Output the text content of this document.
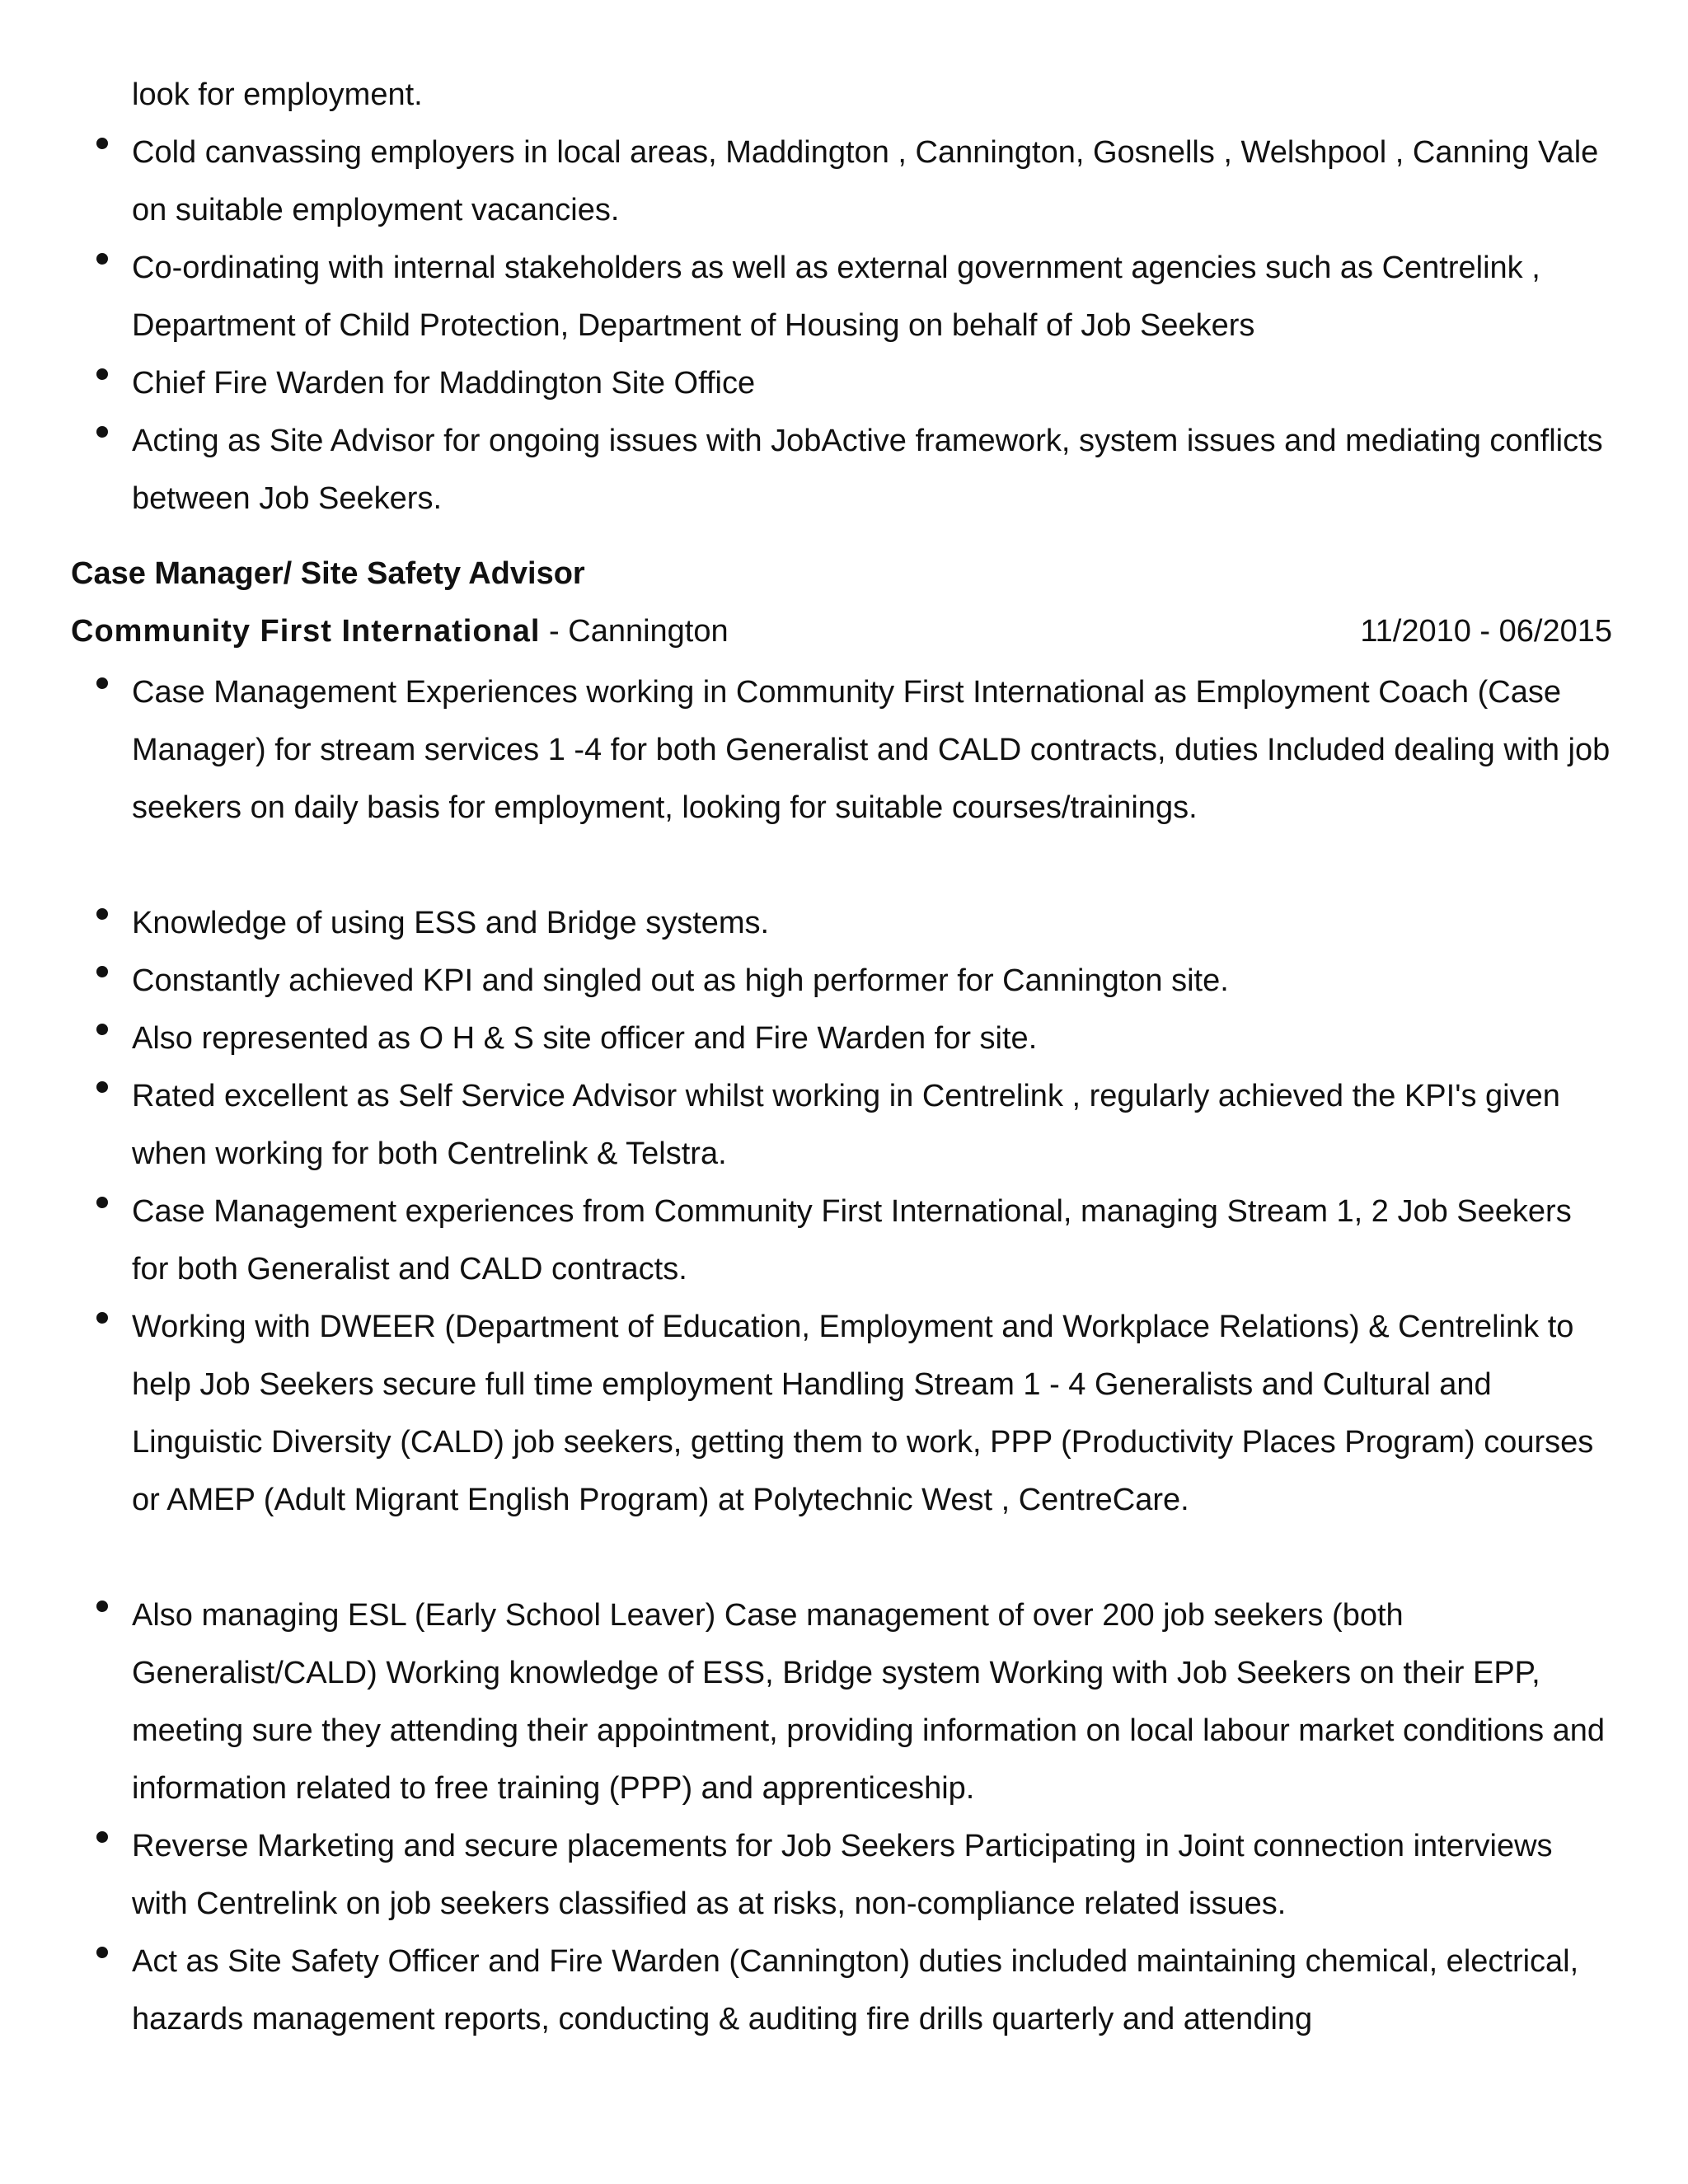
look for employment.

Cold canvassing employers in local areas, Maddington , Cannington, Gosnells , Welshpool , Canning Vale on suitable employment vacancies.

Co-ordinating with internal stakeholders as well as external government agencies such as Centrelink , Department of Child Protection, Department of Housing on behalf of Job Seekers

Chief Fire Warden for Maddington Site Office

Acting as Site Advisor for ongoing issues with JobActive framework, system issues and mediating conflicts between Job Seekers.

Case Manager/ Site Safety Advisor
Community First International - Cannington	11/2010 - 06/2015

Case Management Experiences working in Community First International as Employment Coach (Case Manager) for stream services 1 -4 for both Generalist and CALD contracts, duties Included dealing with job seekers on daily basis for employment, looking for suitable courses/trainings.

Knowledge of using ESS and Bridge systems.

Constantly achieved KPI and singled out as high performer for Cannington site.

Also represented as O H & S site officer and Fire Warden for site.

Rated excellent as Self Service Advisor whilst working in Centrelink , regularly achieved the KPI's given when working for both Centrelink & Telstra.

Case Management experiences from Community First International, managing Stream 1, 2 Job Seekers for both Generalist and CALD contracts.

Working with DWEER (Department of Education, Employment and Workplace Relations) & Centrelink to help Job Seekers secure full time employment Handling Stream 1 - 4 Generalists and Cultural and Linguistic Diversity (CALD) job seekers, getting them to work, PPP (Productivity Places Program) courses or AMEP (Adult Migrant English Program) at Polytechnic West , CentreCare.

Also managing ESL (Early School Leaver) Case management of over 200 job seekers (both Generalist/CALD) Working knowledge of ESS, Bridge system Working with Job Seekers on their EPP, meeting sure they attending their appointment, providing information on local labour market conditions and information related to free training (PPP) and apprenticeship.

Reverse Marketing and secure placements for Job Seekers Participating in Joint connection interviews with Centrelink on job seekers classified as at risks, non-compliance related issues.

Act as Site Safety Officer and Fire Warden (Cannington) duties included maintaining chemical, electrical, hazards management reports, conducting & auditing fire drills quarterly and attending
